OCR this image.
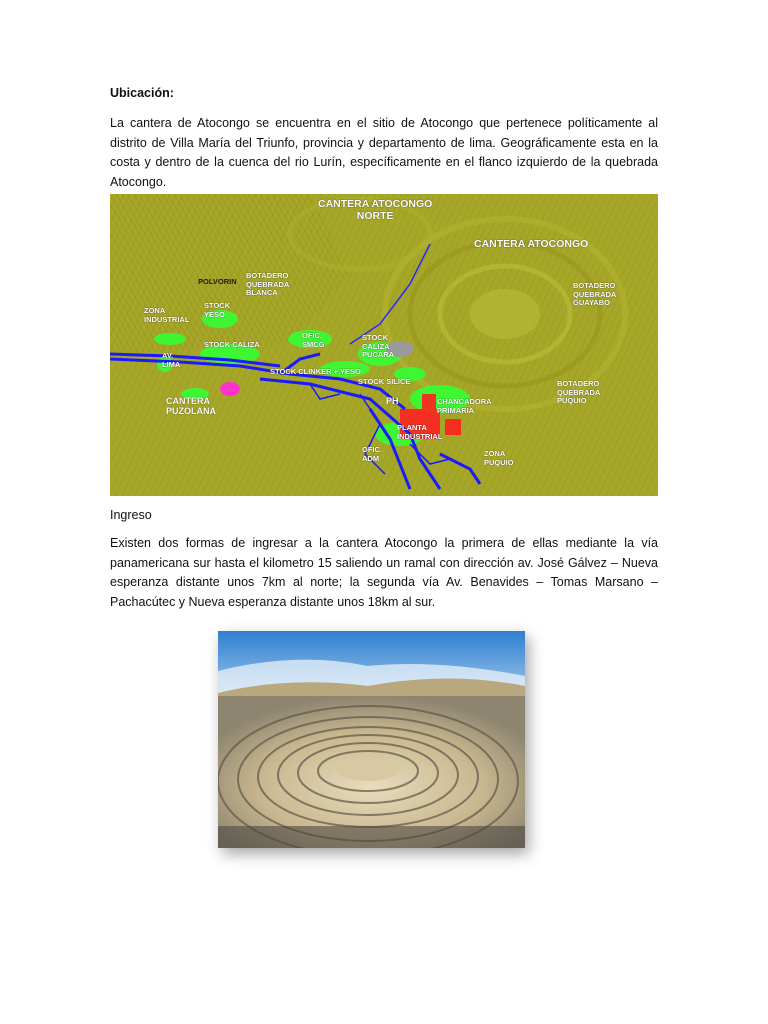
Ubicación:

La cantera de Atocongo se encuentra en el sitio de Atocongo que pertenece políticamente al distrito de Villa María del Triunfo, provincia y departamento de lima. Geográficamente esta en la costa y dentro de la cuenca del rio Lurín, específicamente en el flanco izquierdo de la quebrada Atocongo.

CANTERA ATOCONGO
NORTE
CANTERA ATOCONGO
POLVORIN
BOTADERO
QUEBRADA
BLANCA
BOTADERO
QUEBRADA
GUAYABO
ZONA
INDUSTRIAL
STOCK
YESO
STOCK CALIZA
OFIC.
SMCG
STOCK
CALIZA
PUCARA
AV.
LIMA
STOCK CLINKER + YESO
STOCK SILICE
PH
CANTERA
PUZOLANA
CHANCADORA
PRIMARIA
PLANTA
INDUSTRIAL
BOTADERO
QUEBRADA
PUQUIO
OFIC.
ADM	ZONA
PUQUIO
Ingreso

Existen dos formas de ingresar a la cantera Atocongo la primera de ellas mediante la vía panamericana sur hasta el kilometro 15 saliendo un ramal con dirección av. José Gálvez – Nueva esperanza distante unos 7km al norte; la segunda vía Av. Benavides – Tomas Marsano – Pachacútec y Nueva esperanza distante unos 18km al sur.
